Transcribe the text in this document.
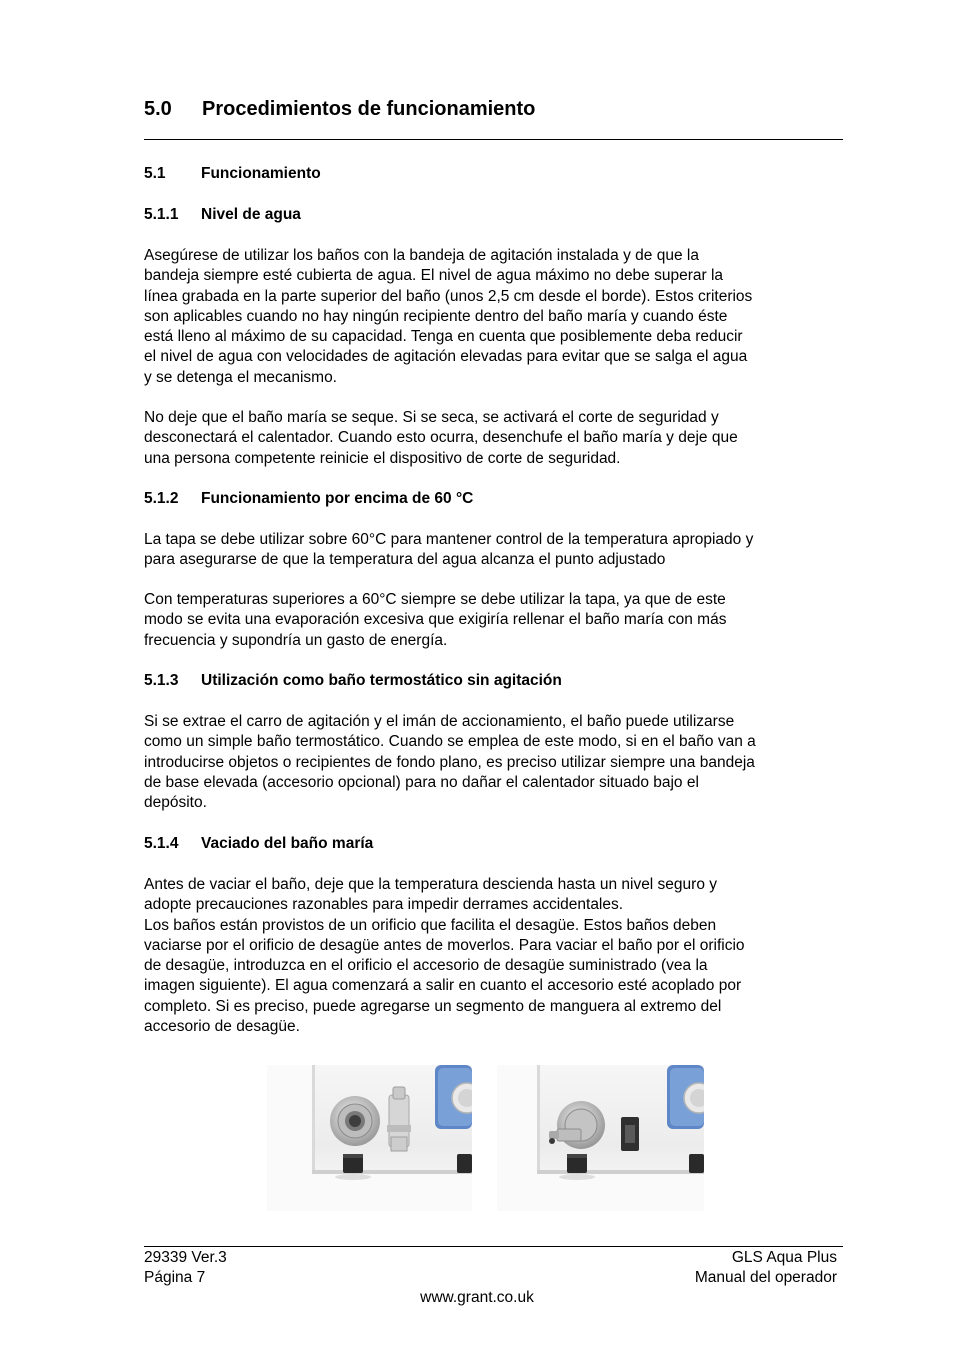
5.0 Procedimientos de funcionamiento
5.1 Funcionamiento
5.1.1 Nivel de agua
Asegúrese de utilizar los baños con la bandeja de agitación instalada y de que la
bandeja siempre esté cubierta de agua. El nivel de agua máximo no debe superar la
línea grabada en la parte superior del baño (unos 2,5 cm desde el borde). Estos criterios
son aplicables cuando no hay ningún recipiente dentro del baño maría y cuando éste
está lleno al máximo de su capacidad. Tenga en cuenta que posiblemente deba reducir
el nivel de agua con velocidades de agitación elevadas para evitar que se salga el agua
y se detenga el mecanismo.
No deje que el baño maría se seque. Si se seca, se activará el corte de seguridad y
desconectará el calentador. Cuando esto ocurra, desenchufe el baño maría y deje que
una persona competente reinicie el dispositivo de corte de seguridad.
5.1.2 Funcionamiento por encima de 60 °C
La tapa se debe utilizar sobre 60°C para mantener control de la temperatura apropiado y
para asegurarse de que la temperatura del agua alcanza el punto adjustado
Con temperaturas superiores a 60°C siempre se debe utilizar la tapa, ya que de este
modo se evita una evaporación excesiva que exigiría rellenar el baño maría con más
frecuencia y supondría un gasto de energía.
5.1.3 Utilización como baño termostático sin agitación
Si se extrae el carro de agitación y el imán de accionamiento, el baño puede utilizarse
como un simple baño termostático. Cuando se emplea de este modo, si en el baño van a
introducirse objetos o recipientes de fondo plano, es preciso utilizar siempre una bandeja
de base elevada (accesorio opcional) para no dañar el calentador situado bajo el
depósito.
5.1.4 Vaciado del baño maría
Antes de vaciar el baño, deje que la temperatura descienda hasta un nivel seguro y
adopte precauciones razonables para impedir derrames accidentales.
Los baños están provistos de un orificio que facilita el desagüe. Estos baños deben
vaciarse por el orificio de desagüe antes de moverlos. Para vaciar el baño por el orificio
de desagüe, introduzca en el orificio el accesorio de desagüe suministrado (vea la
imagen siguiente). El agua comenzará a salir en cuanto el accesorio esté acoplado por
completo. Si es preciso, puede agregarse un segmento de manguera al extremo del
accesorio de desagüe.
29339 Ver.3
Página 7
GLS Aqua Plus
Manual del operador
www.grant.co.uk
